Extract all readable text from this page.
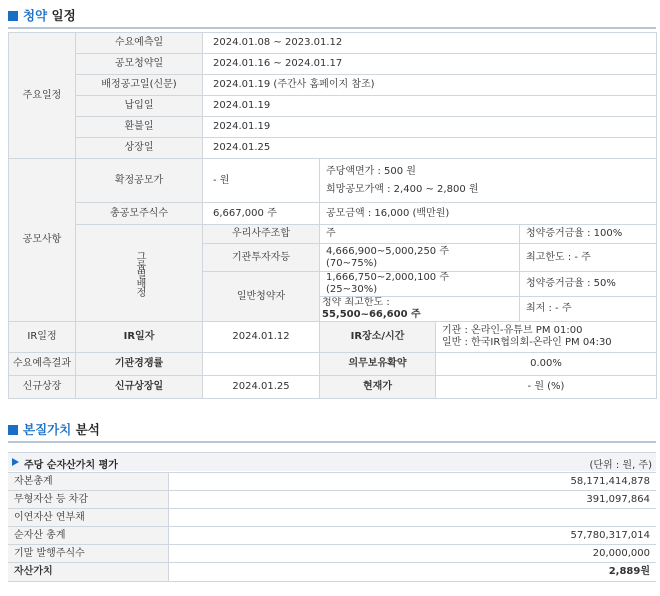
청약 일정
주요일정	수요예측일	2024.01.08 ~ 2023.01.12		
	공모청약일	2024.01.16 ~ 2024.01.17		
	배정공고일(신문)	2024.01.19 (주간사 홈페이지 참조)		
	납입일	2024.01.19		
	환불일	2024.01.19		
	상장일	2024.01.25		
공모사항	확정공모가	- 원	주당액면가 : 500 원
희망공모가액 : 2,400 ~ 2,800 원	

	총공모주식수	6,667,000 주	공모금액 : 16,000 (백만원)	

	그룹별배정	우리사주조합	주	청약증거금율 : 100%
		기관투자자등	4,666,900~5,000,250 주
(70~75%)	최고한도 : - 주
		일반청약자	1,666,750~2,000,100 주
(25~30%)	청약증거금율 : 50%

			청약 최고한도 :
55,500~66,600 주	최저 : - 주
IR일정	IR일자	2024.01.12	IR장소/시간
기관 : 온라인-유튜브 PM 01:00
일반 : 한국IR협의회-온라인 PM 04:30	

수요예측결과	기관경쟁률		의무보유확약 0.00%	

신규상장	신규상장일	2024.01.25	현재가 - 원 (%)	
본질가치 분석
주당 순자산가치 평가	(단위 : 원, 주)
자본총계	58,171,414,878
무형자산 등 차감	391,097,864
이연자산 연부채	
순자산 총계	57,780,317,014
기말 발행주식수	20,000,000
자산가치	2,889원
